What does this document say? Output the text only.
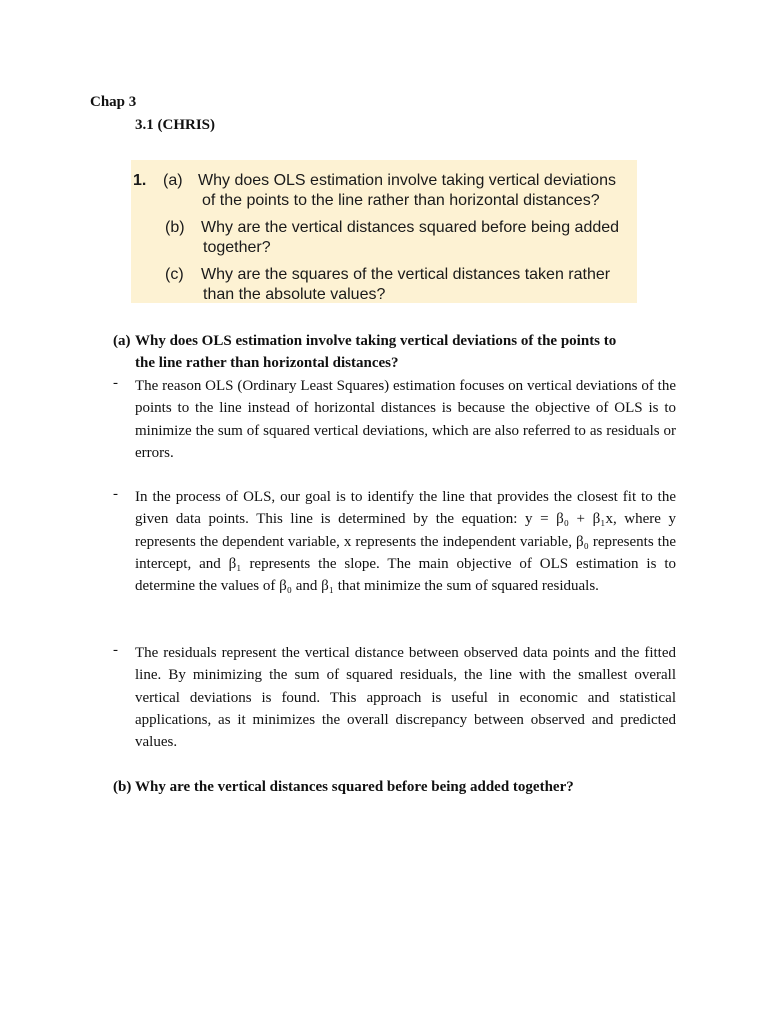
Chap 3
3.1 (CHRIS)
1. (a) Why does OLS estimation involve taking vertical deviations
of the points to the line rather than horizontal distances?
(b) Why are the vertical distances squared before being added
together?
(c) Why are the squares of the vertical distances taken rather
than the absolute values?
(a) Why does OLS estimation involve taking vertical deviations of the points to
the line rather than horizontal distances?
- The reason OLS (Ordinary Least Squares) estimation focuses on vertical deviations of the points to the line instead of horizontal distances is because the objective of OLS is to minimize the sum of squared vertical deviations, which are also referred to as residuals or errors.
- In the process of OLS, our goal is to identify the line that provides the closest fit to the given data points. This line is determined by the equation: y = β₀ + β₁x, where y represents the dependent variable, x represents the independent variable, β₀ represents the intercept, and β₁ represents the slope. The main objective of OLS estimation is to determine the values of β₀ and β₁ that minimize the sum of squared residuals.
- The residuals represent the vertical distance between observed data points and the fitted line. By minimizing the sum of squared residuals, the line with the smallest overall vertical deviations is found. This approach is useful in economic and statistical applications, as it minimizes the overall discrepancy between observed and predicted values.
(b) Why are the vertical distances squared before being added together?
